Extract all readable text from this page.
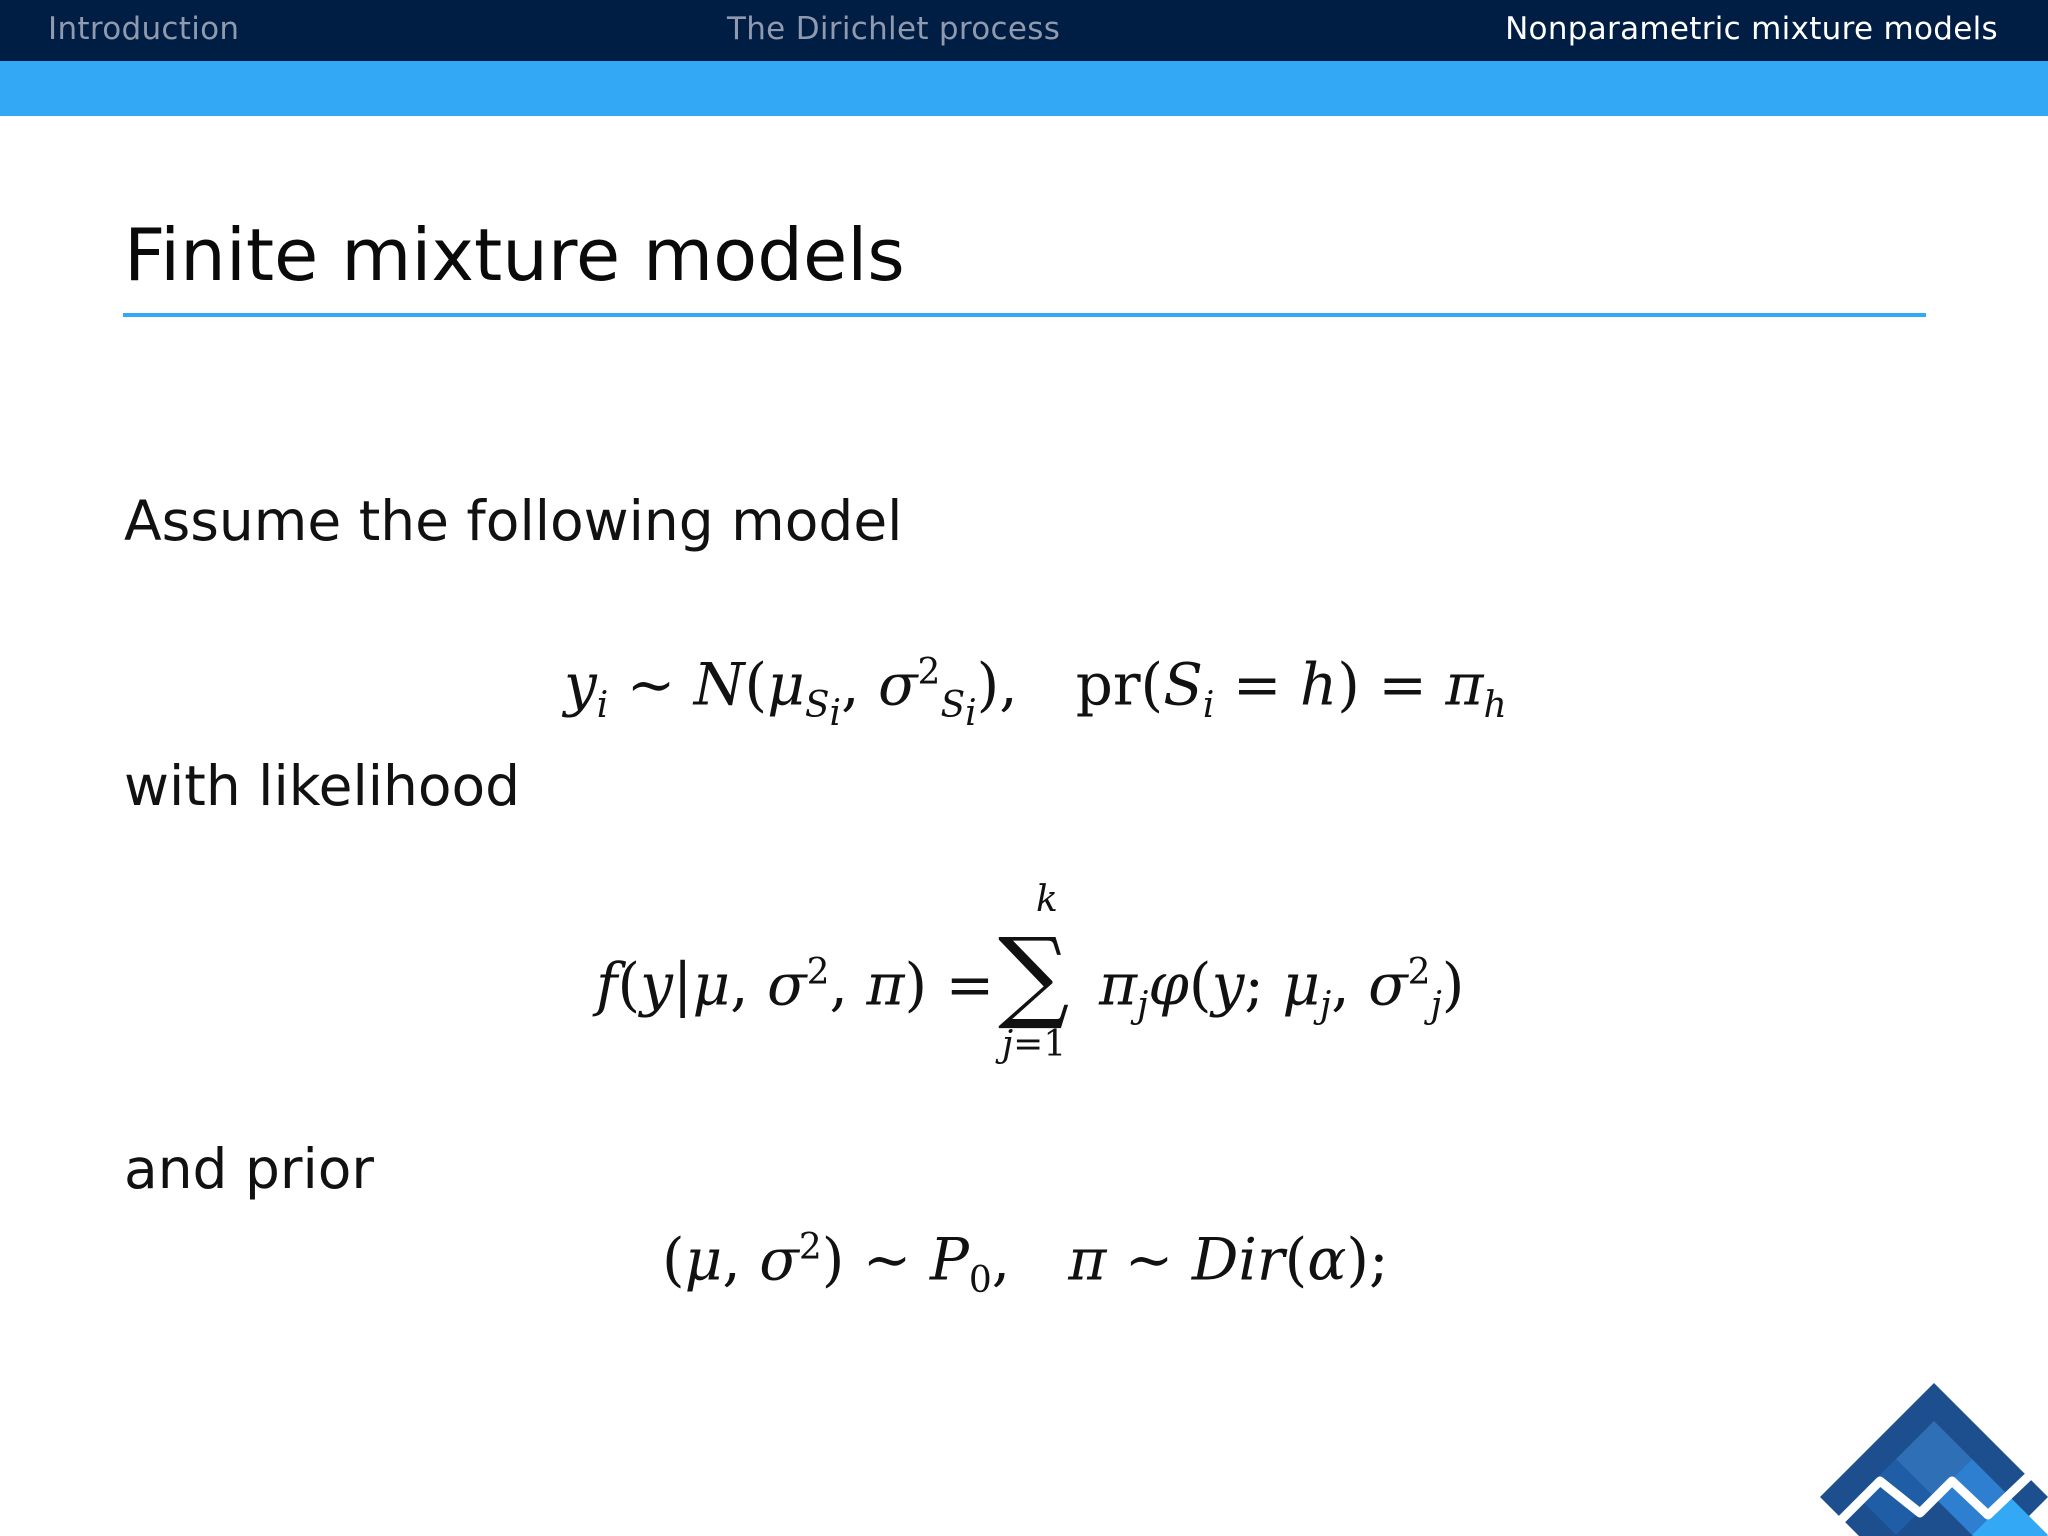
Introduction	The Dirichlet process	Nonparametric mixture models
Finite mixture models
Assume the following model
$y_i$ ∼ $N(\mu_{S_i}$, $\sigma^2_{S_i}$), $pr(S_i = h) = \pi_h$
with likelihood
f(y|μ, $\sigma^2$, π) =
k
∑
j=1
$\pi_j\varphi(y$; $\mu_j$, $\sigma^2_j$)
and prior
(μ, $\sigma^2$) ∼ $P_0$, π ∼ Dir(α);
